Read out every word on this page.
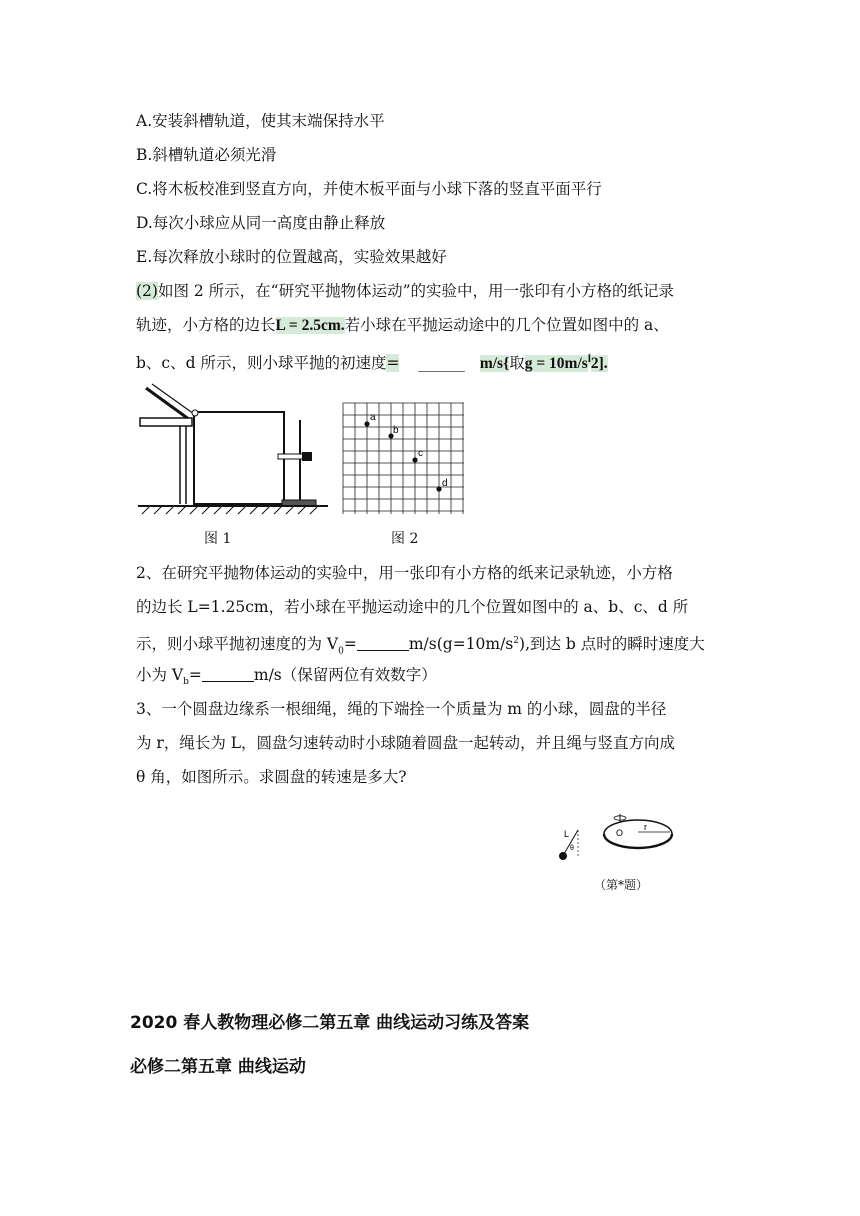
A.安装斜槽轨道，使其末端保持水平
B.斜槽轨道必须光滑
C.将木板校准到竖直方向，并使木板平面与小球下落的竖直平面平行
D.每次小球应从同一高度由静止释放
E.每次释放小球时的位置越高，实验效果越好
(2)如图 2 所示，在“研究平抛物体运动”的实验中，用一张印有小方格的纸记录
轨迹，小方格的边长L = 2.5cm.若小球在平抛运动途中的几个位置如图中的 a、
b、c、d 所示，则小球平抛的初速度= ______ m/s{取$g = 10m/s^l2$].
a
b
c
d
图 1	图 2
2、在研究平抛物体运动的实验中，用一张印有小方格的纸来记录轨迹，小方格
的边长 L=1.25cm，若小球在平抛运动途中的几个位置如图中的 a、b、c、d 所
示，则小球平抛初速度的为 $V_0=$	$m/s(g=10m/s^2)$,到达 b 点时的瞬时速度大
小为 $V_b=$	m/s（保留两位有效数字）
3、一个圆盘边缘系一根细绳，绳的下端拴一个质量为 m 的小球，圆盘的半径
为 r，绳长为 L，圆盘匀速转动时小球随着圆盘一起转动，并且绳与竖直方向成
θ 角，如图所示。求圆盘的转速是多大?
O
r
L
θ
（第*题）
2020 春人教物理必修二第五章 曲线运动习练及答案
必修二第五章 曲线运动
